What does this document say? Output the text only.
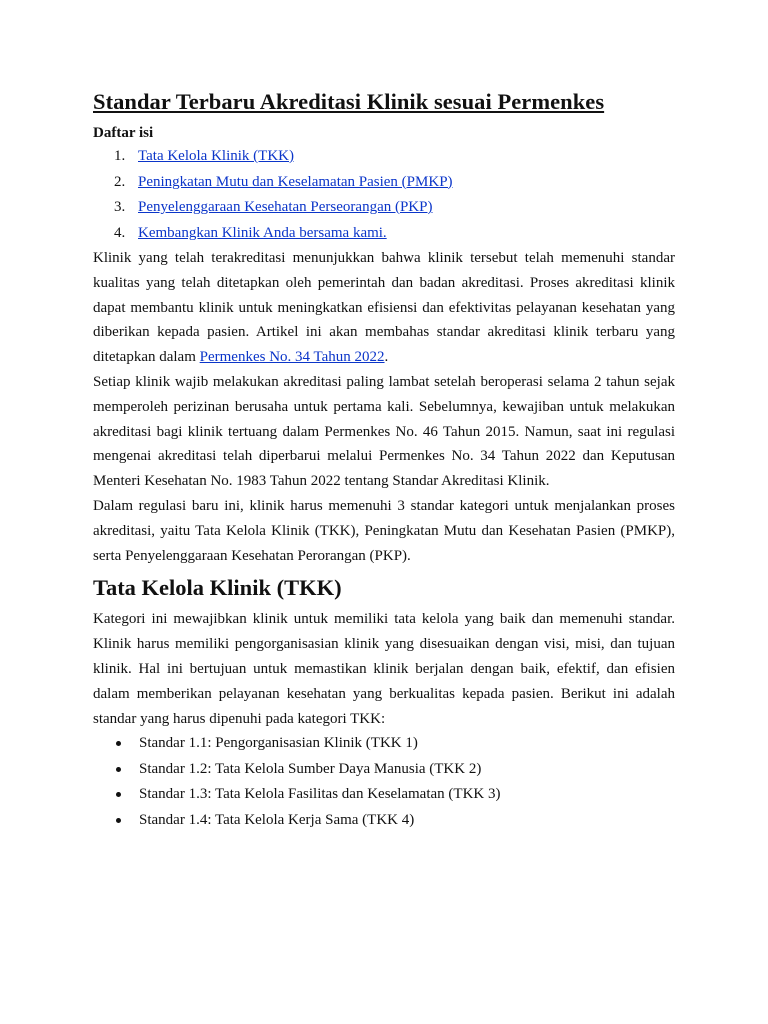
Standar Terbaru Akreditasi Klinik sesuai Permenkes
Daftar isi
1. Tata Kelola Klinik (TKK)
2. Peningkatan Mutu dan Keselamatan Pasien (PMKP)
3. Penyelenggaraan Kesehatan Perseorangan (PKP)
4. Kembangkan Klinik Anda bersama kami.

Klinik yang telah terakreditasi menunjukkan bahwa klinik tersebut telah memenuhi standar kualitas yang telah ditetapkan oleh pemerintah dan badan akreditasi. Proses akreditasi klinik dapat membantu klinik untuk meningkatkan efisiensi dan efektivitas pelayanan kesehatan yang diberikan kepada pasien. Artikel ini akan membahas standar akreditasi klinik terbaru yang ditetapkan dalam Permenkes No. 34 Tahun 2022.

Setiap klinik wajib melakukan akreditasi paling lambat setelah beroperasi selama 2 tahun sejak memperoleh perizinan berusaha untuk pertama kali. Sebelumnya, kewajiban untuk melakukan akreditasi bagi klinik tertuang dalam Permenkes No. 46 Tahun 2015. Namun, saat ini regulasi mengenai akreditasi telah diperbarui melalui Permenkes No. 34 Tahun 2022 dan Keputusan Menteri Kesehatan No. 1983 Tahun 2022 tentang Standar Akreditasi Klinik.

Dalam regulasi baru ini, klinik harus memenuhi 3 standar kategori untuk menjalankan proses akreditasi, yaitu Tata Kelola Klinik (TKK), Peningkatan Mutu dan Kesehatan Pasien (PMKP), serta Penyelenggaraan Kesehatan Perorangan (PKP).

Tata Kelola Klinik (TKK)

Kategori ini mewajibkan klinik untuk memiliki tata kelola yang baik dan memenuhi standar. Klinik harus memiliki pengorganisasian klinik yang disesuaikan dengan visi, misi, dan tujuan klinik. Hal ini bertujuan untuk memastikan klinik berjalan dengan baik, efektif, dan efisien dalam memberikan pelayanan kesehatan yang berkualitas kepada pasien. Berikut ini adalah standar yang harus dipenuhi pada kategori TKK:

Standar 1.1: Pengorganisasian Klinik (TKK 1)
Standar 1.2: Tata Kelola Sumber Daya Manusia (TKK 2)
Standar 1.3: Tata Kelola Fasilitas dan Keselamatan (TKK 3)
Standar 1.4: Tata Kelola Kerja Sama (TKK 4)
